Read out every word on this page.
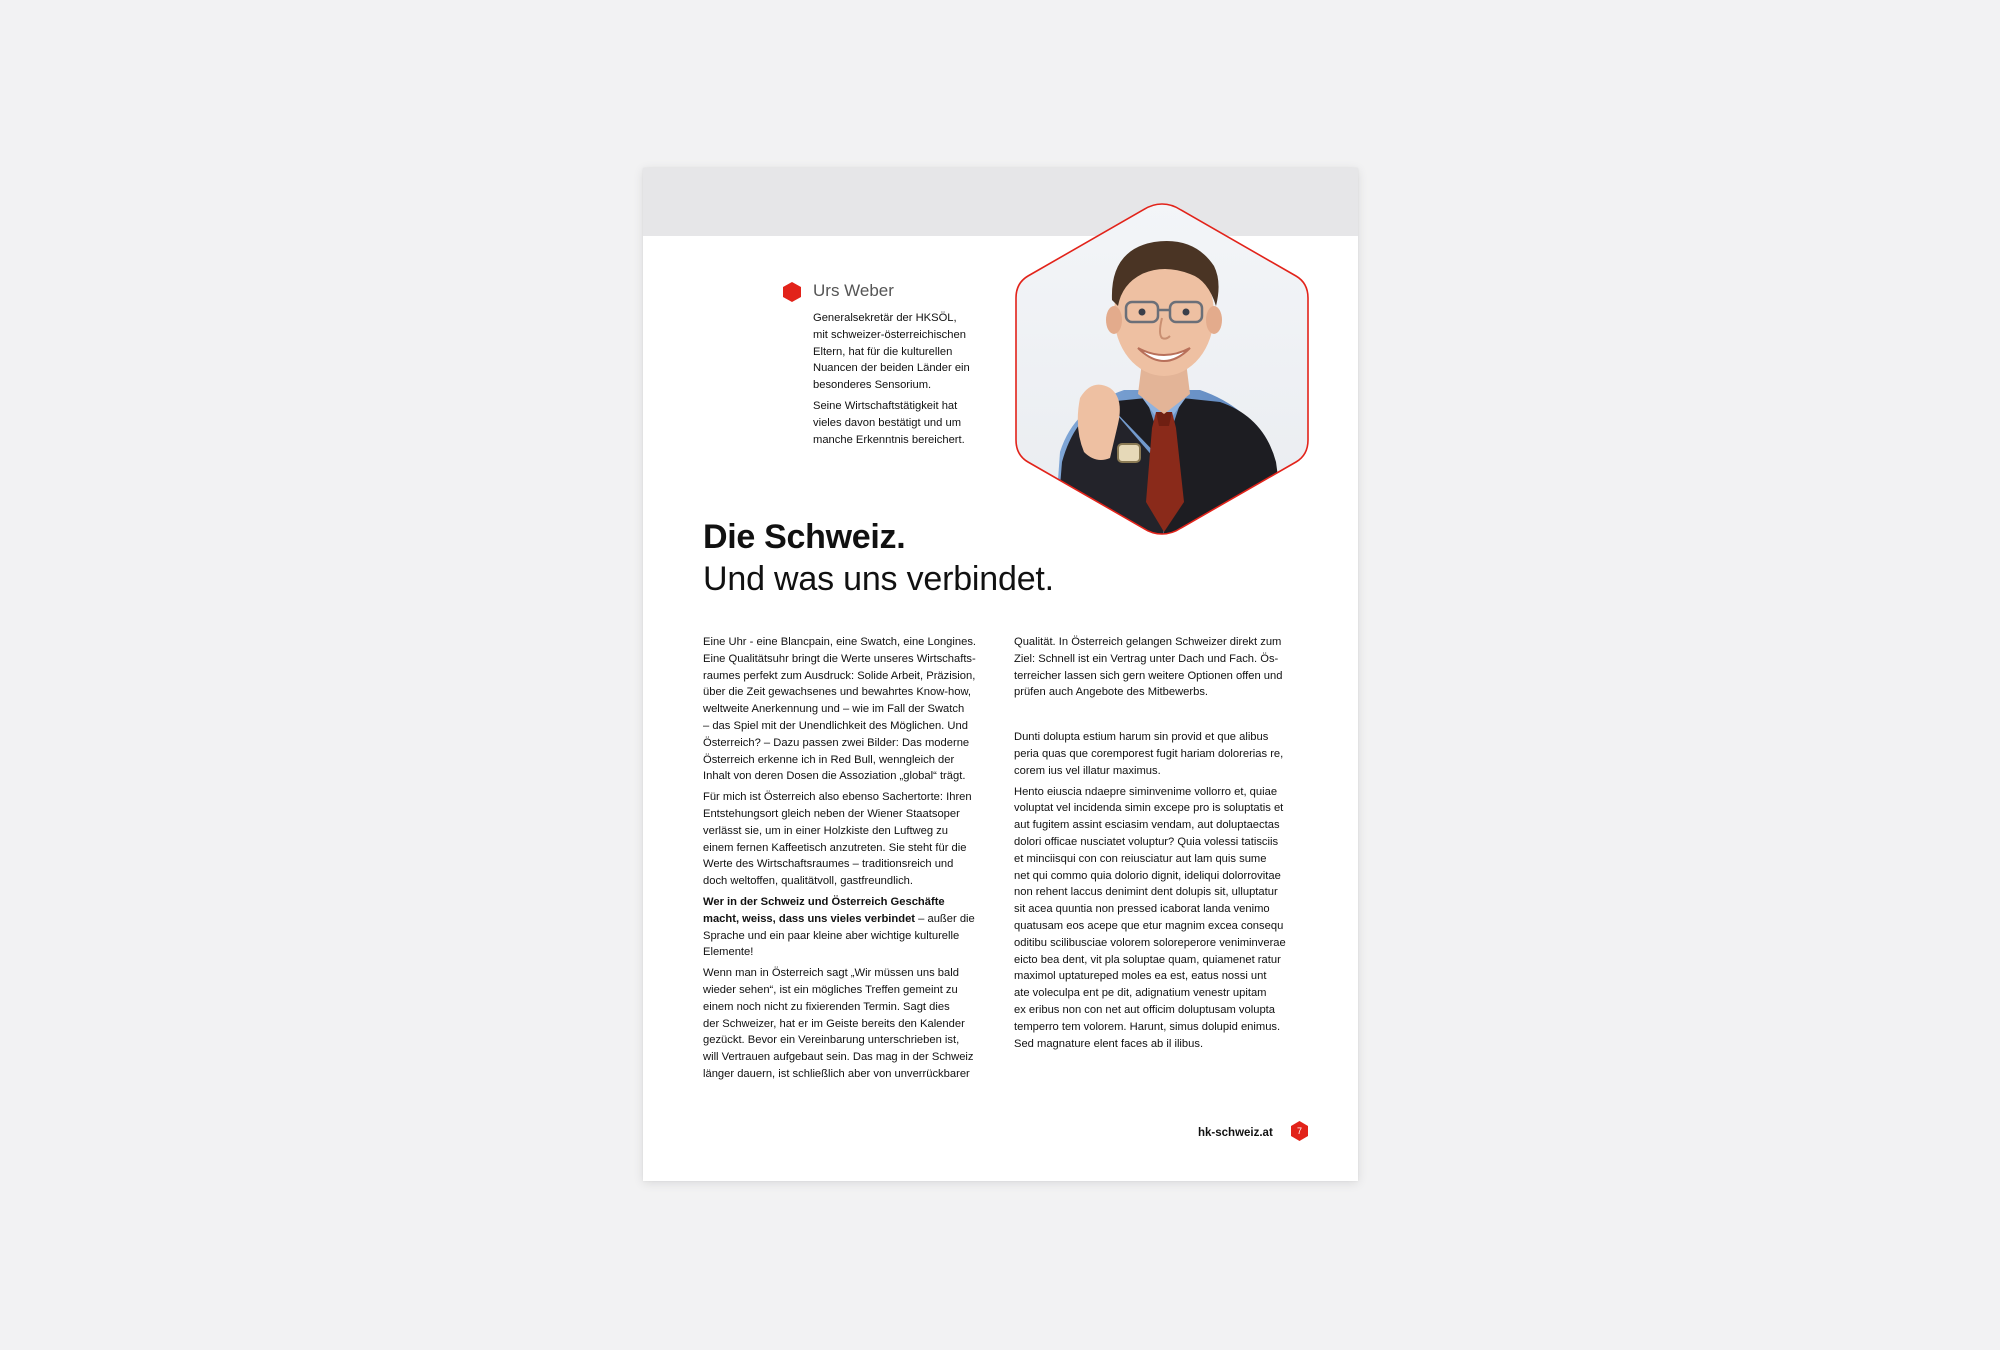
Urs Weber

Generalsekretär der HKSÖL,
mit schweizer-österreichischen
Eltern, hat für die kulturellen
Nuancen der beiden Länder ein
besonderes Sensorium.

Seine Wirtschaftstätigkeit hat
vieles davon bestätigt und um
manche Erkenntnis bereichert.

Die Schweiz.
Und was uns verbindet.

Eine Uhr - eine Blancpain, eine Swatch, eine Longines.
Eine Qualitätsuhr bringt die Werte unseres Wirtschafts-
raumes perfekt zum Ausdruck: Solide Arbeit, Präzision,
über die Zeit gewachsenes und bewahrtes Know-how,
weltweite Anerkennung und – wie im Fall der Swatch
– das Spiel mit der Unendlichkeit des Möglichen. Und
Österreich? – Dazu passen zwei Bilder: Das moderne
Österreich erkenne ich in Red Bull, wenngleich der
Inhalt von deren Dosen die Assoziation „global“ trägt.

Für mich ist Österreich also ebenso Sachertorte: Ihren
Entstehungsort gleich neben der Wiener Staatsoper
verlässt sie, um in einer Holzkiste den Luftweg zu
einem fernen Kaffeetisch anzutreten. Sie steht für die
Werte des Wirtschaftsraumes – traditionsreich und
doch weltoffen, qualitätvoll, gastfreundlich.

Wer in der Schweiz und Österreich Geschäfte
macht, weiss, dass uns vieles verbindet – außer die
Sprache und ein paar kleine aber wichtige kulturelle
Elemente!

Wenn man in Österreich sagt „Wir müssen uns bald
wieder sehen“, ist ein mögliches Treffen gemeint zu
einem noch nicht zu fixierenden Termin. Sagt dies
der Schweizer, hat er im Geiste bereits den Kalender
gezückt. Bevor ein Vereinbarung unterschrieben ist,
will Vertrauen aufgebaut sein. Das mag in der Schweiz
länger dauern, ist schließlich aber von unverrückbarer

Qualität. In Österreich gelangen Schweizer direkt zum
Ziel: Schnell ist ein Vertrag unter Dach und Fach. Ös-
terreicher lassen sich gern weitere Optionen offen und
prüfen auch Angebote des Mitbewerbs.

Dunti dolupta estium harum sin provid et que alibus
peria quas que coremporest fugit hariam dolorerias re,
corem ius vel illatur maximus.

Hento eiuscia ndaepre siminvenime vollorro et, quiae
voluptat vel incidenda simin excepe pro is soluptatis et
aut fugitem assint esciasim vendam, aut doluptaectas
dolori officae nusciatet voluptur? Quia volessi tatisciis
et minciisqui con con reiusciatur aut lam quis sume
net qui commo quia dolorio dignit, ideliqui dolorrovitae
non rehent laccus denimint dent dolupis sit, ulluptatur
sit acea quuntia non pressed icaborat landa venimo
quatusam eos acepe que etur magnim excea consequ
oditibu scilibusciae volorem soloreperore veniminverae
eicto bea dent, vit pla soluptae quam, quiamenet ratur
maximol uptatureped moles ea est, eatus nossi unt
ate voleculpa ent pe dit, adignatium venestr upitam
ex eribus non con net aut officim doluptusam volupta
temperro tem volorem. Harunt, simus dolupid enimus.
Sed magnature elent faces ab il ilibus.

hk-schweiz.at	7
